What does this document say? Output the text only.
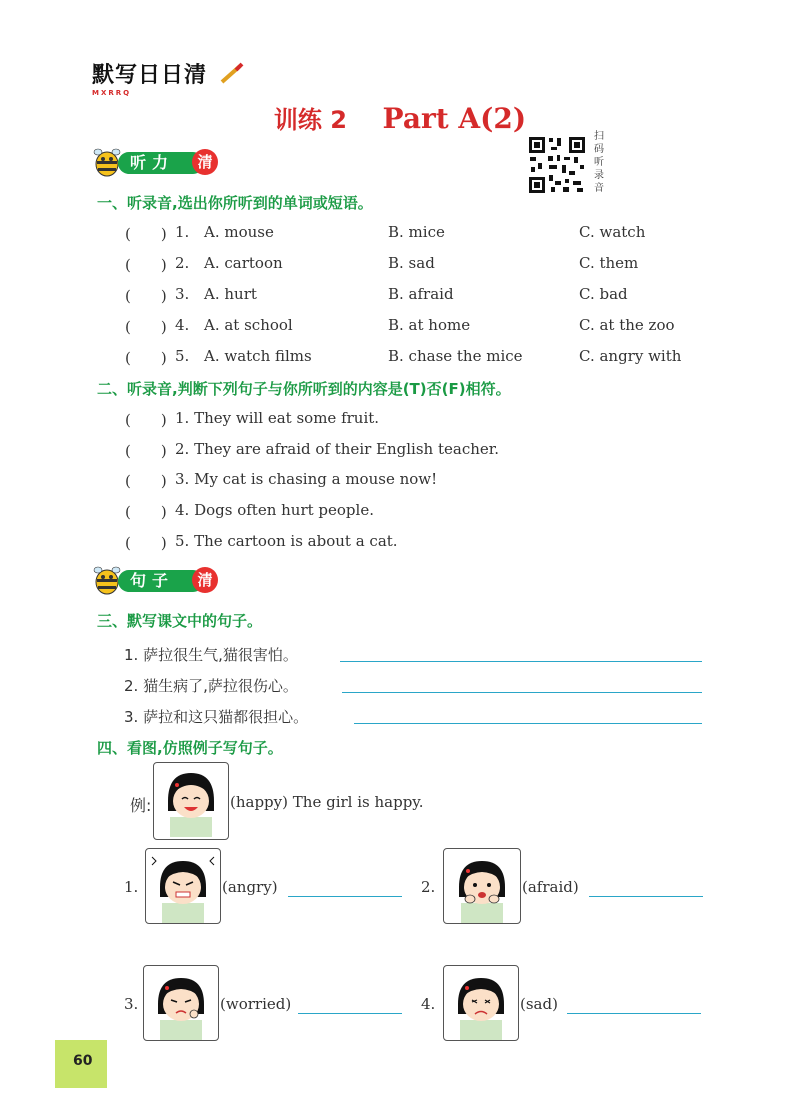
默写日日清
MXRRQ
训练 2 Part A(2)
扫
码
听
录
音
听力	清
一、听录音,选出你所听到的单词或短语。
(　　) 1. A. mouse	B. mice	C. watch
(　　) 2. A. cartoon	B. sad	C. them
(　　) 3. A. hurt	B. afraid	C. bad
(　　) 4. A. at school	B. at home	C. at the zoo
(　　) 5. A. watch films	B. chase the mice	C. angry with
二、听录音,判断下列句子与你所听到的内容是(T)否(F)相符。
(　　) 1. They will eat some fruit.
(　　) 2. They are afraid of their English teacher.
(　　) 3. My cat is chasing a mouse now!
(　　) 4. Dogs often hurt people.
(　　) 5. The cartoon is about a cat.
句子	清
三、默写课文中的句子。
1. 萨拉很生气,猫很害怕。
2. 猫生病了,萨拉很伤心。
3. 萨拉和这只猫都很担心。
四、看图,仿照例子写句子。
例:	(happy) The girl is happy.
1.	(angry)	2.	(afraid)
3.	(worried)	4.	(sad)
60
